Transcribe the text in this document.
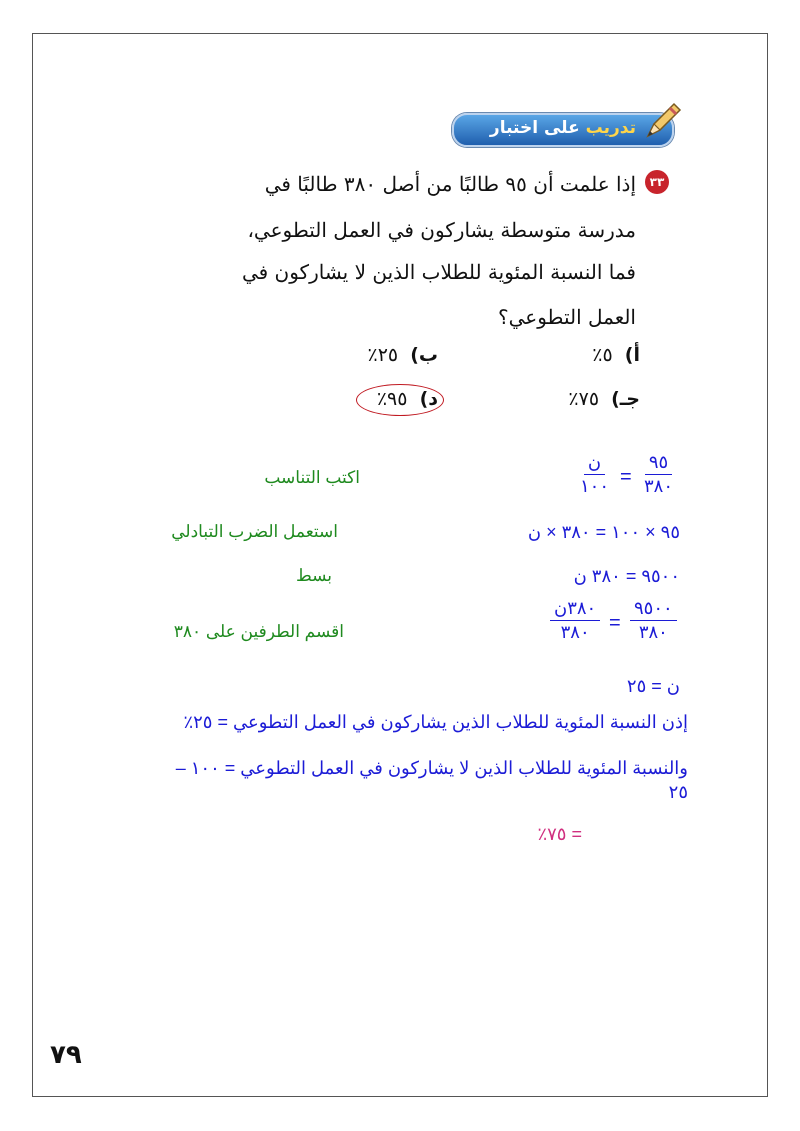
تدريب على اختبار
٣٣
إذا علمت أن ٩٥ طالبًا من أصل ٣٨٠ طالبًا في
مدرسة متوسطة يشاركون في العمل التطوعي،
فما النسبة المئوية للطلاب الذين لا يشاركون في
العمل التطوعي؟
أ)  ٥٪
ب)  ٢٥٪
جـ)  ٧٥٪
د)  ٩٥٪
٩٥
٣٨٠
=
ن
١٠٠
اكتب التناسب
٩٥ × ١٠٠ = ٣٨٠ × ن
استعمل الضرب التبادلي
٩٥٠٠ = ٣٨٠ ن
بسط
٩٥٠٠
٣٨٠
=
٣٨٠ن
٣٨٠
اقسم الطرفين على ٣٨٠
ن = ٢٥
إذن النسبة المئوية للطلاب الذين يشاركون في العمل التطوعي = ٢٥٪
والنسبة المئوية للطلاب الذين لا يشاركون في العمل التطوعي = ١٠٠ –
٢٥
= ٧٥٪
٧٩
